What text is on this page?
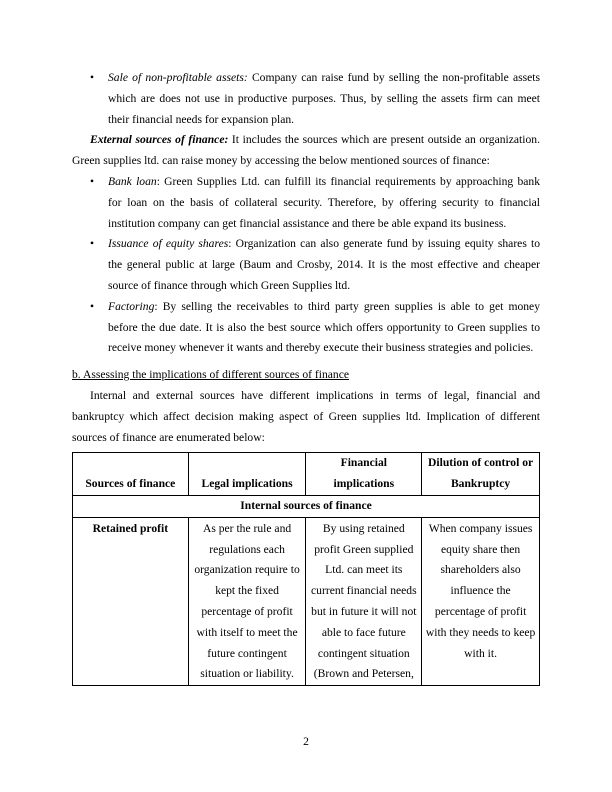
• Sale of non-profitable assets: Company can raise fund by selling the non-profitable assets which are does not use in productive purposes. Thus, by selling the assets firm can meet their financial needs for expansion plan.

External sources of finance: It includes the sources which are present outside an organization. Green supplies ltd. can raise money by accessing the below mentioned sources of finance:

• Bank loan: Green Supplies Ltd. can fulfill its financial requirements by approaching bank for loan on the basis of collateral security. Therefore, by offering security to financial institution company can get financial assistance and there be able expand its business.
• Issuance of equity shares: Organization can also generate fund by issuing equity shares to the general public at large (Baum and Crosby, 2014. It is the most effective and cheaper source of finance through which Green Supplies ltd.
• Factoring: By selling the receivables to third party green supplies is able to get money before the due date. It is also the best source which offers opportunity to Green supplies to receive money whenever it wants and thereby execute their business strategies and policies.

b. Assessing the implications of different sources of finance

Internal and external sources have different implications in terms of legal, financial and bankruptcy which affect decision making aspect of Green supplies ltd. Implication of different sources of finance are enumerated below:

Sources of finance	Legal implications	Financial implications	Dilution of control or Bankruptcy
Internal sources of finance			
Retained profit	As per the rule and regulations each organization require to kept the fixed percentage of profit with itself to meet the future contingent situation or liability.	By using retained profit Green supplied Ltd. can meet its current financial needs but in future it will not able to face future contingent situation (Brown and Petersen,	When company issues equity share then shareholders also influence the percentage of profit with they needs to keep with it.
2
